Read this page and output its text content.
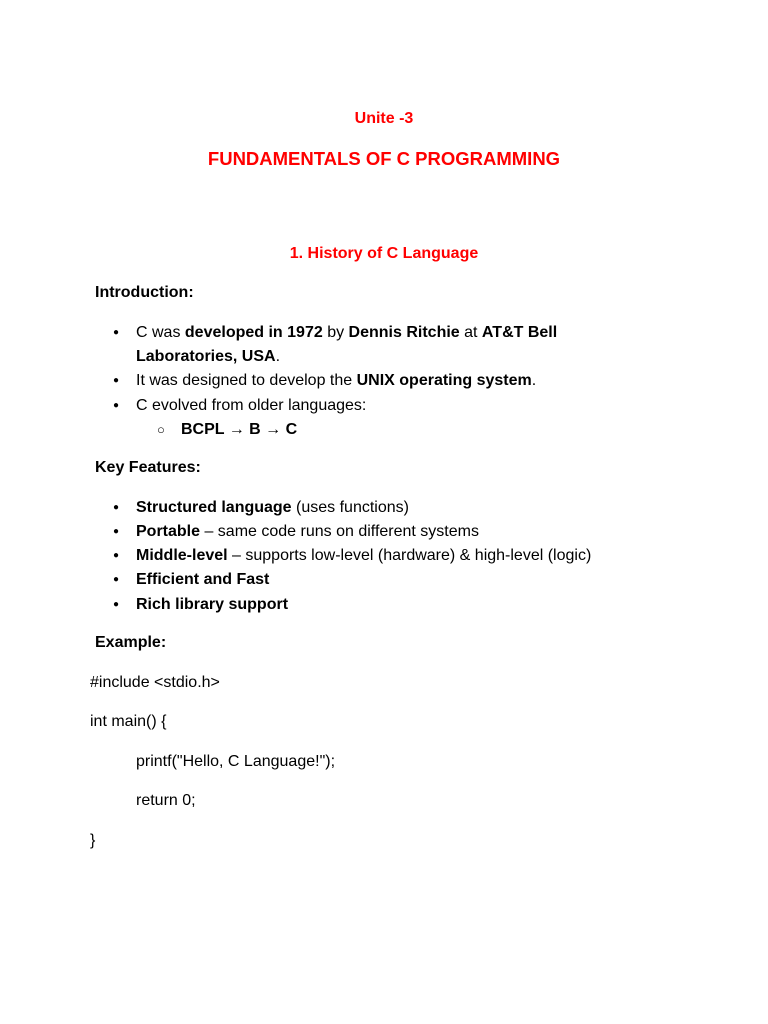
Unite -3
FUNDAMENTALS OF C PROGRAMMING
1. History of C Language
Introduction:
● C was developed in 1972 by Dennis Ritchie at AT&T Bell
Laboratories, USA.
● It was designed to develop the UNIX operating system.
● C evolved from older languages:
○ BCPL → B → C
Key Features:
● Structured language (uses functions)
● Portable – same code runs on different systems
● Middle-level – supports low-level (hardware) & high-level (logic)
● Efficient and Fast
● Rich library support
Example:
#include <stdio.h>
int main() {
printf("Hello, C Language!");
return 0;
}
